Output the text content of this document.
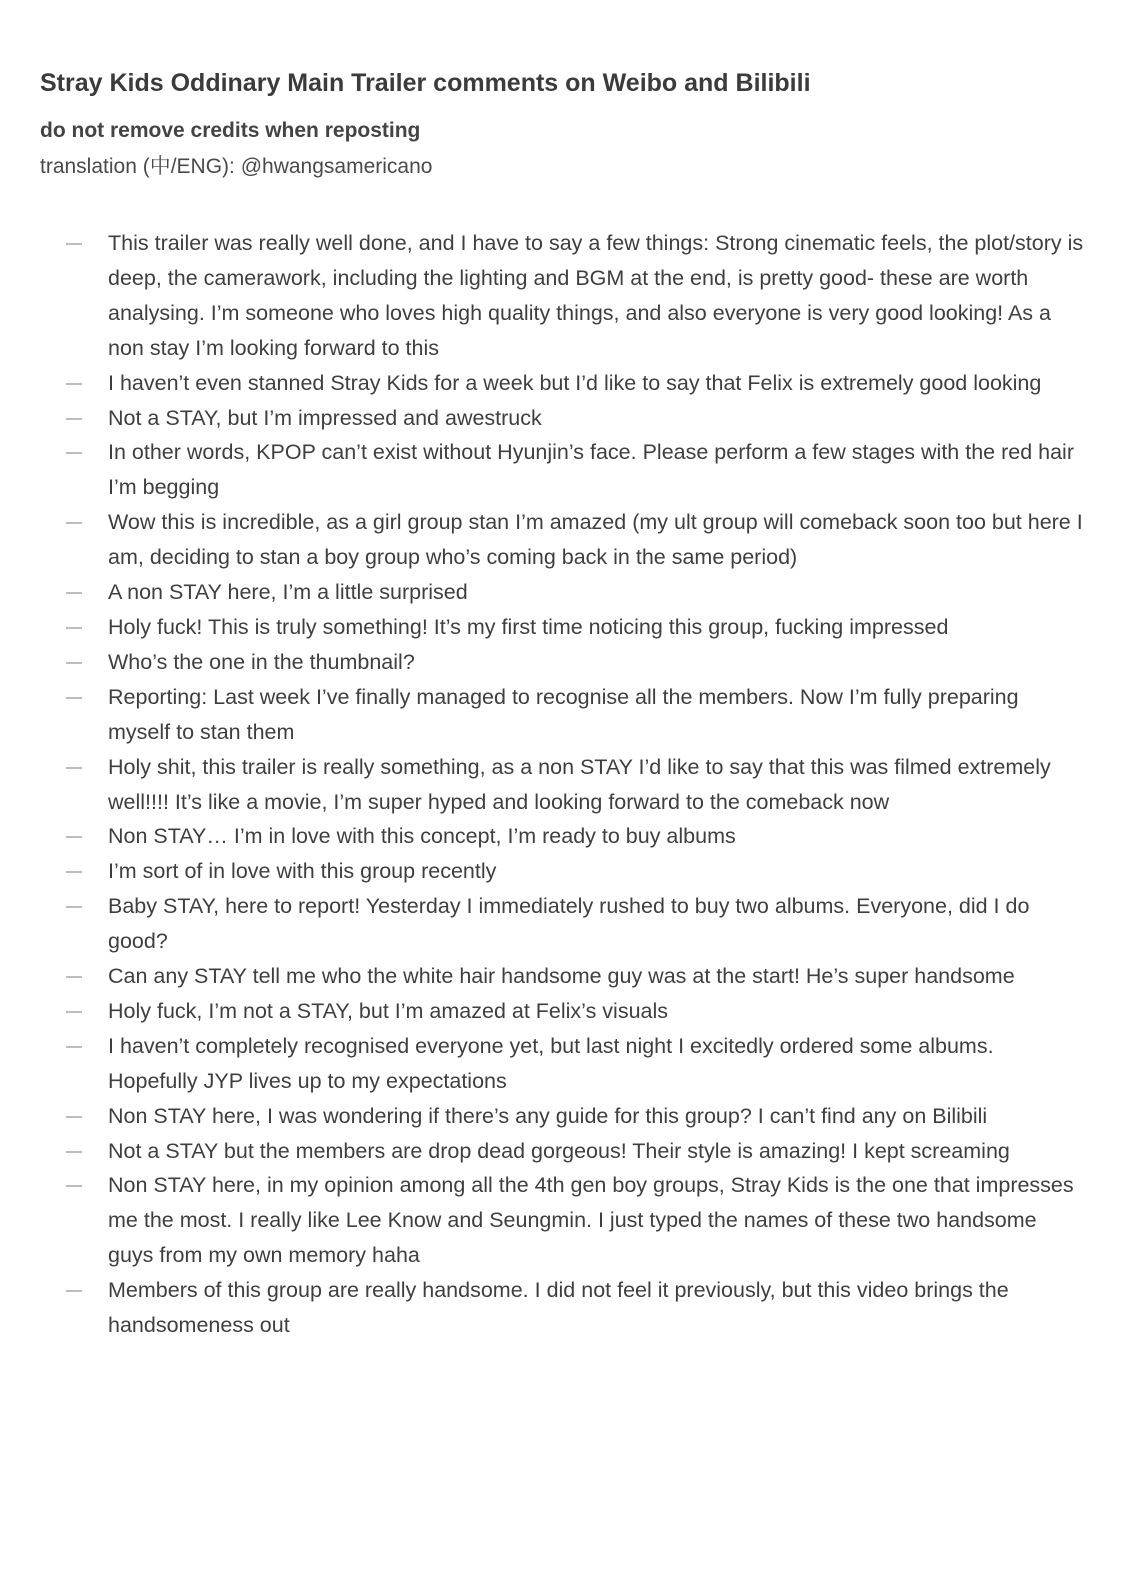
Stray Kids Oddinary Main Trailer comments on Weibo and Bilibili
do not remove credits when reposting
translation (中/ENG): @hwangsamericano
This trailer was really well done, and I have to say a few things: Strong cinematic feels, the plot/story is deep, the camerawork, including the lighting and BGM at the end, is pretty good- these are worth analysing. I’m someone who loves high quality things, and also everyone is very good looking! As a non stay I’m looking forward to this
I haven’t even stanned Stray Kids for a week but I’d like to say that Felix is extremely good looking
Not a STAY, but I’m impressed and awestruck
In other words, KPOP can’t exist without Hyunjin’s face. Please perform a few stages with the red hair I’m begging
Wow this is incredible, as a girl group stan I’m amazed (my ult group will comeback soon too but here I am, deciding to stan a boy group who’s coming back in the same period)
A non STAY here, I’m a little surprised
Holy fuck! This is truly something! It’s my first time noticing this group, fucking impressed
Who’s the one in the thumbnail?
Reporting: Last week I’ve finally managed to recognise all the members. Now I’m fully preparing myself to stan them
Holy shit, this trailer is really something, as a non STAY I’d like to say that this was filmed extremely well!!!! It’s like a movie, I’m super hyped and looking forward to the comeback now
Non STAY… I’m in love with this concept, I’m ready to buy albums
I’m sort of in love with this group recently
Baby STAY, here to report! Yesterday I immediately rushed to buy two albums. Everyone, did I do good?
Can any STAY tell me who the white hair handsome guy was at the start! He’s super handsome
Holy fuck, I’m not a STAY, but I’m amazed at Felix’s visuals
I haven’t completely recognised everyone yet, but last night I excitedly ordered some albums. Hopefully JYP lives up to my expectations
Non STAY here, I was wondering if there’s any guide for this group? I can’t find any on Bilibili
Not a STAY but the members are drop dead gorgeous! Their style is amazing! I kept screaming
Non STAY here, in my opinion among all the 4th gen boy groups, Stray Kids is the one that impresses me the most. I really like Lee Know and Seungmin. I just typed the names of these two handsome guys from my own memory haha
Members of this group are really handsome. I did not feel it previously, but this video brings the handsomeness out
